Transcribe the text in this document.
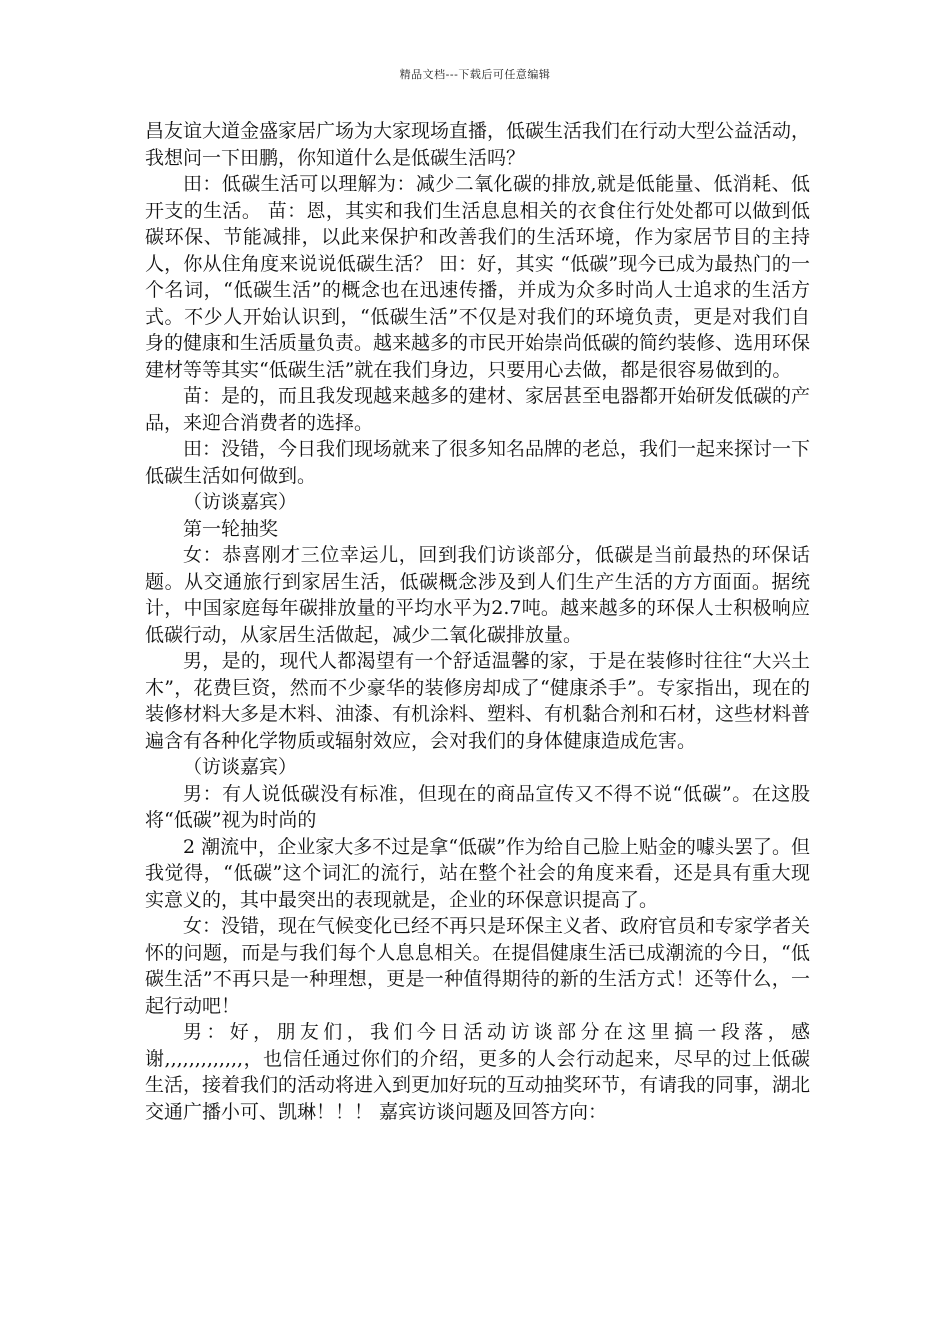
精品文档---下载后可任意编辑

昌友谊大道金盛家居广场为大家现场直播，低碳生活我们在行动大型公益活动，我想问一下田鹏，你知道什么是低碳生活吗？

田：低碳生活可以理解为：减少二氧化碳的排放,就是低能量、低消耗、低开支的生活。 苗：恩，其实和我们生活息息相关的衣食住行处处都可以做到低碳环保、节能减排，以此来保护和改善我们的生活环境，作为家居节目的主持人，你从住角度来说说低碳生活？ 田：好，其实 “低碳”现今已成为最热门的一个名词，“低碳生活”的概念也在迅速传播，并成为众多时尚人士追求的生活方式。不少人开始认识到，“低碳生活”不仅是对我们的环境负责，更是对我们自身的健康和生活质量负责。越来越多的市民开始崇尚低碳的简约装修、选用环保建材等等其实“低碳生活”就在我们身边，只要用心去做，都是很容易做到的。

苗：是的，而且我发现越来越多的建材、家居甚至电器都开始研发低碳的产品，来迎合消费者的选择。

田：没错，今日我们现场就来了很多知名品牌的老总，我们一起来探讨一下低碳生活如何做到。

（访谈嘉宾）

第一轮抽奖

女：恭喜刚才三位幸运儿，回到我们访谈部分，低碳是当前最热的环保话题。从交通旅行到家居生活，低碳概念涉及到人们生产生活的方方面面。据统计，中国家庭每年碳排放量的平均水平为2.7吨。越来越多的环保人士积极响应低碳行动，从家居生活做起，减少二氧化碳排放量。

男，是的，现代人都渴望有一个舒适温馨的家，于是在装修时往往“大兴土木”，花费巨资，然而不少豪华的装修房却成了“健康杀手”。专家指出，现在的装修材料大多是木料、油漆、有机涂料、塑料、有机黏合剂和石材，这些材料普遍含有各种化学物质或辐射效应，会对我们的身体健康造成危害。

（访谈嘉宾）

男：有人说低碳没有标准，但现在的商品宣传又不得不说“低碳”。在这股将“低碳”视为时尚的

2 潮流中，企业家大多不过是拿“低碳”作为给自己脸上贴金的噱头罢了。但我觉得，“低碳”这个词汇的流行，站在整个社会的角度来看，还是具有重大现实意义的，其中最突出的表现就是，企业的环保意识提高了。

女：没错，现在气候变化已经不再只是环保主义者、政府官员和专家学者关怀的问题，而是与我们每个人息息相关。在提倡健康生活已成潮流的今日，“低碳生活”不再只是一种理想，更是一种值得期待的新的生活方式！还等什么，一起行动吧！

男：好，朋友们，我们今日活动访谈部分在这里搞一段落，感谢,,,,,,,,,,,,,，也信任通过你们的介绍，更多的人会行动起来，尽早的过上低碳生活，接着我们的活动将进入到更加好玩的互动抽奖环节，有请我的同事，湖北交通广播小可、凯琳！！！ 嘉宾访谈问题及回答方向：
